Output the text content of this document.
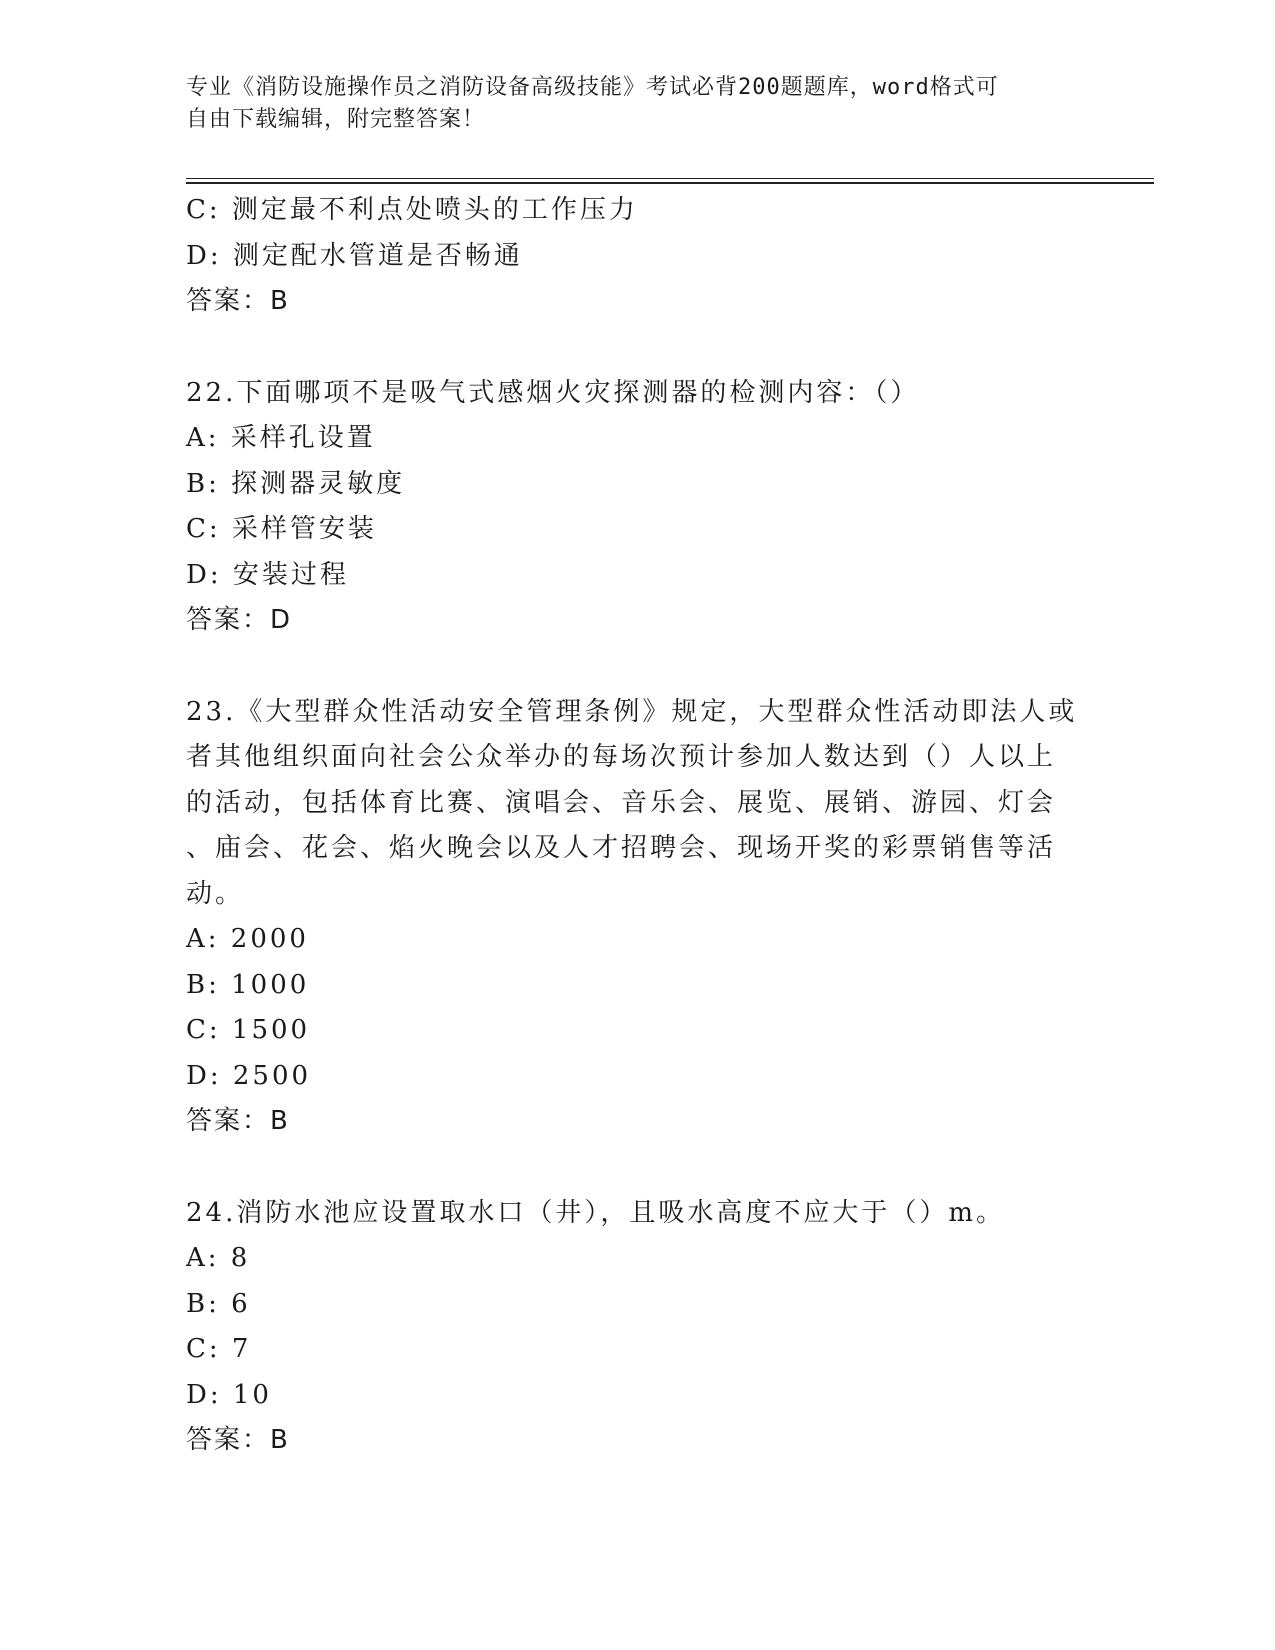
专业《消防设施操作员之消防设备高级技能》考试必背200题题库，word格式可
自由下载编辑，附完整答案！
C: 测定最不利点处喷头的工作压力
D: 测定配水管道是否畅通
答案：B
22.下面哪项不是吸气式感烟火灾探测器的检测内容：（）
A: 采样孔设置
B: 探测器灵敏度
C: 采样管安装
D: 安装过程
答案：D
23.《大型群众性活动安全管理条例》规定，大型群众性活动即法人或
者其他组织面向社会公众举办的每场次预计参加人数达到（）人以上
的活动，包括体育比赛、演唱会、音乐会、展览、展销、游园、灯会
、庙会、花会、焰火晚会以及人才招聘会、现场开奖的彩票销售等活
动。
A: 2000
B: 1000
C: 1500
D: 2500
答案：B
24.消防水池应设置取水口（井），且吸水高度不应大于（）m。
A: 8
B: 6
C: 7
D: 10
答案：B
